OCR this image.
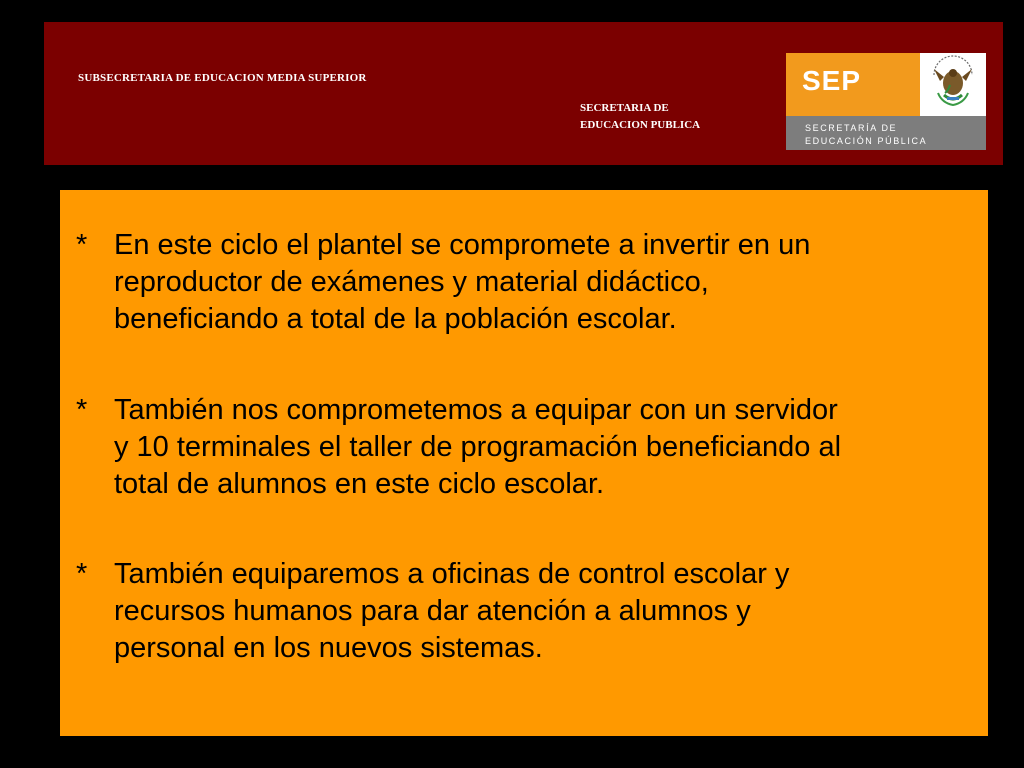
SUBSECRETARIA DE EDUCACION MEDIA SUPERIOR
SECRETARIA DE
EDUCACION PUBLICA
SEP
SECRETARÍA DE
EDUCACIÓN PÚBLICA
* En este ciclo el plantel se compromete a invertir en un
reproductor de exámenes y material didáctico,
beneficiando a total de la población escolar.
* También nos comprometemos a equipar con un servidor
y 10 terminales el taller de programación beneficiando al
total de alumnos en este ciclo escolar.
* También equiparemos a oficinas de control escolar y
recursos humanos para dar atención a alumnos y
personal en los nuevos sistemas.
